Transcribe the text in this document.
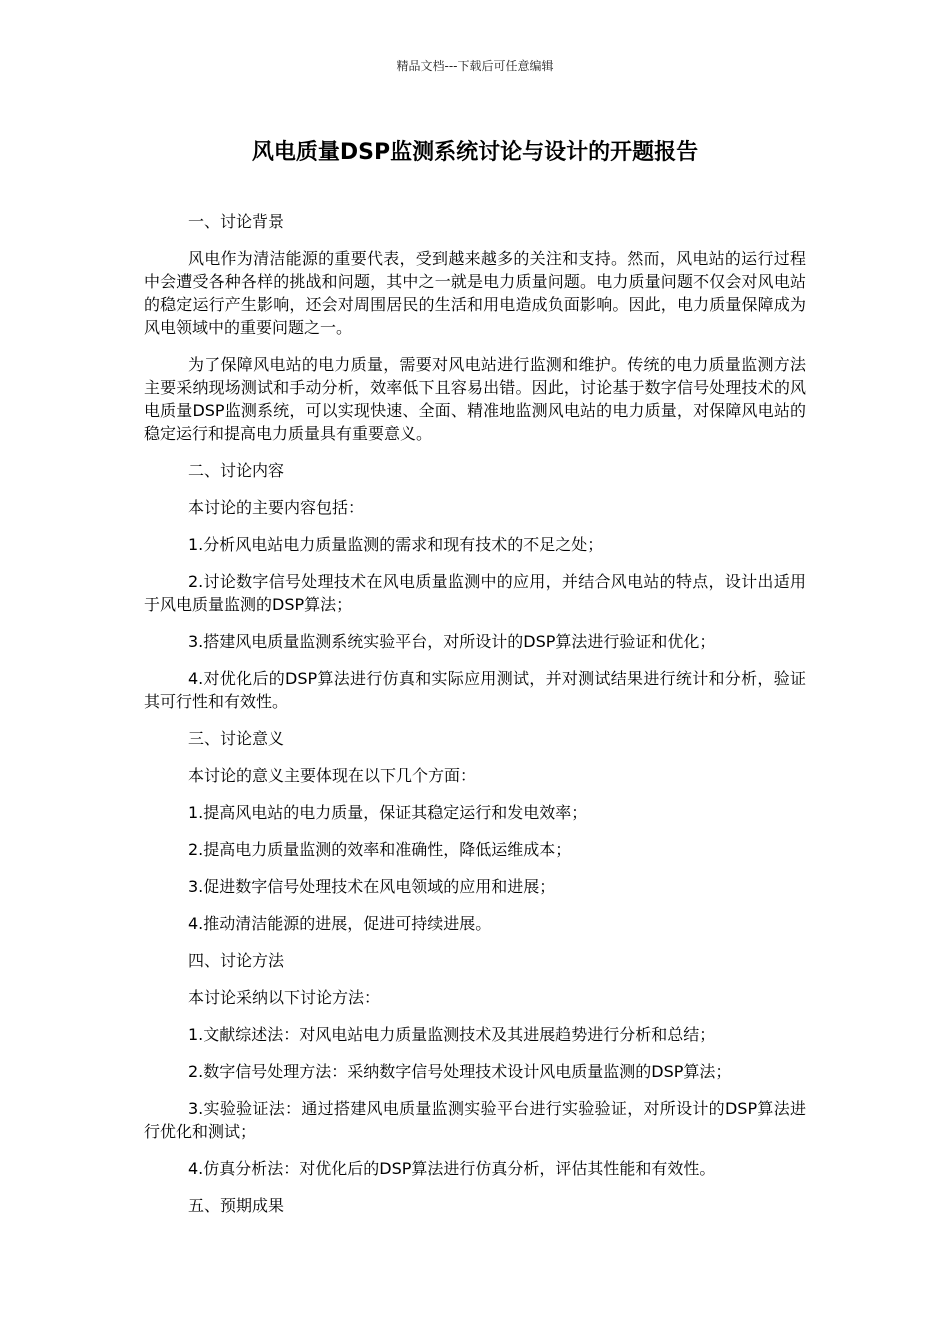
精品文档---下载后可任意编辑
风电质量DSP监测系统讨论与设计的开题报告

一、讨论背景

风电作为清洁能源的重要代表，受到越来越多的关注和支持。然而，风电站的运行过程中会遭受各种各样的挑战和问题，其中之一就是电力质量问题。电力质量问题不仅会对风电站的稳定运行产生影响，还会对周围居民的生活和用电造成负面影响。因此，电力质量保障成为风电领域中的重要问题之一。

为了保障风电站的电力质量，需要对风电站进行监测和维护。传统的电力质量监测方法主要采纳现场测试和手动分析，效率低下且容易出错。因此，讨论基于数字信号处理技术的风电质量DSP监测系统，可以实现快速、全面、精准地监测风电站的电力质量，对保障风电站的稳定运行和提高电力质量具有重要意义。

二、讨论内容

本讨论的主要内容包括：

1.分析风电站电力质量监测的需求和现有技术的不足之处；

2.讨论数字信号处理技术在风电质量监测中的应用，并结合风电站的特点，设计出适用于风电质量监测的DSP算法；

3.搭建风电质量监测系统实验平台，对所设计的DSP算法进行验证和优化；

4.对优化后的DSP算法进行仿真和实际应用测试，并对测试结果进行统计和分析，验证其可行性和有效性。

三、讨论意义

本讨论的意义主要体现在以下几个方面：

1.提高风电站的电力质量，保证其稳定运行和发电效率；

2.提高电力质量监测的效率和准确性，降低运维成本；

3.促进数字信号处理技术在风电领域的应用和进展；

4.推动清洁能源的进展，促进可持续进展。

四、讨论方法

本讨论采纳以下讨论方法：

1.文献综述法：对风电站电力质量监测技术及其进展趋势进行分析和总结；

2.数字信号处理方法：采纳数字信号处理技术设计风电质量监测的DSP算法；

3.实验验证法：通过搭建风电质量监测实验平台进行实验验证，对所设计的DSP算法进行优化和测试；

4.仿真分析法：对优化后的DSP算法进行仿真分析，评估其性能和有效性。

五、预期成果
